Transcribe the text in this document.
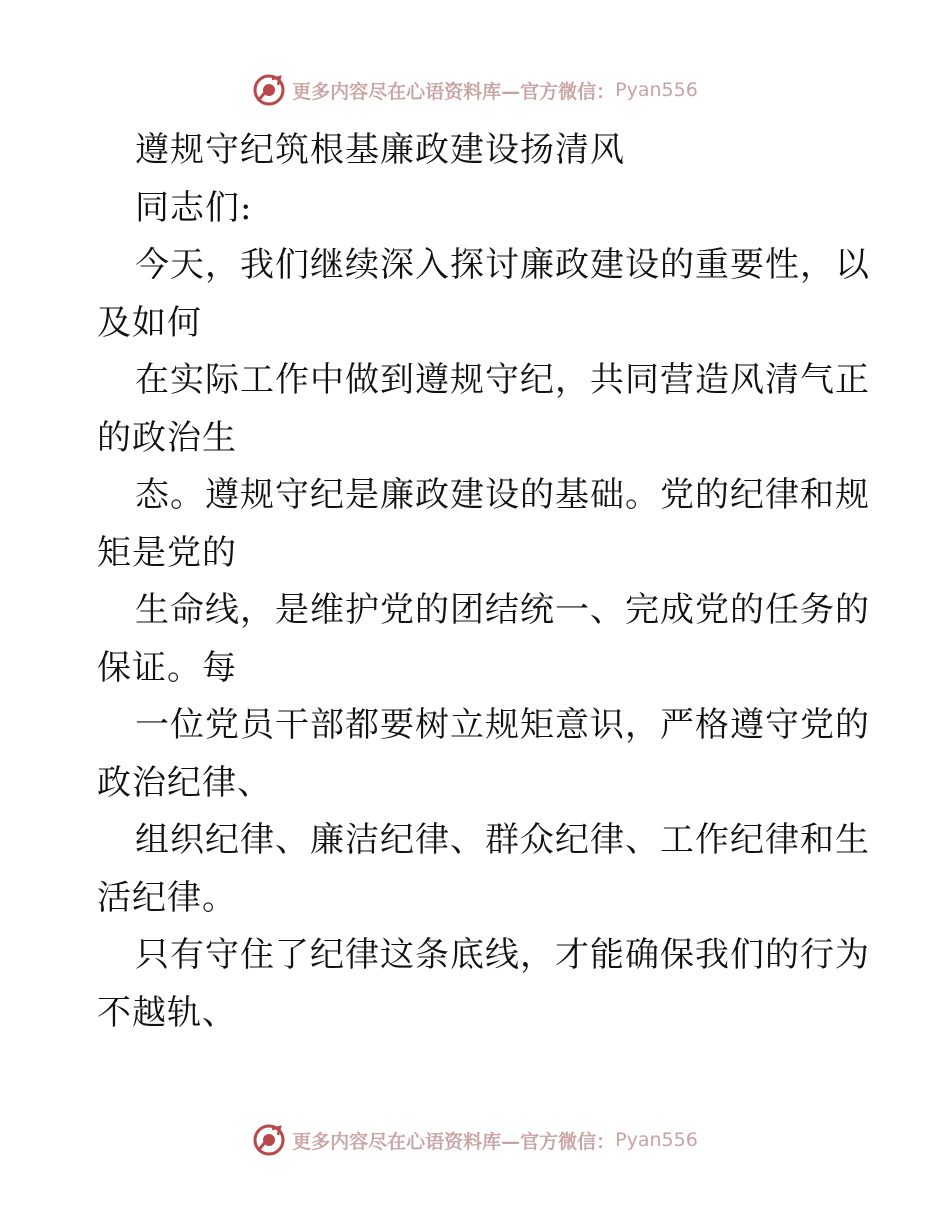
更多内容尽在心语资料库—官方微信： Pyan556
遵规守纪筑根基廉政建设扬清风
同志们:
今天，我们继续深入探讨廉政建设的重要性，以
及如何
在实际工作中做到遵规守纪，共同营造风清气正
的政治生
态。遵规守纪是廉政建设的基础。党的纪律和规
矩是党的
生命线，是维护党的团结统一、完成党的任务的
保证。每
一位党员干部都要树立规矩意识，严格遵守党的
政治纪律、
组织纪律、廉洁纪律、群众纪律、工作纪律和生
活纪律。
只有守住了纪律这条底线，才能确保我们的行为
不越轨、
更多内容尽在心语资料库—官方微信： Pyan556
